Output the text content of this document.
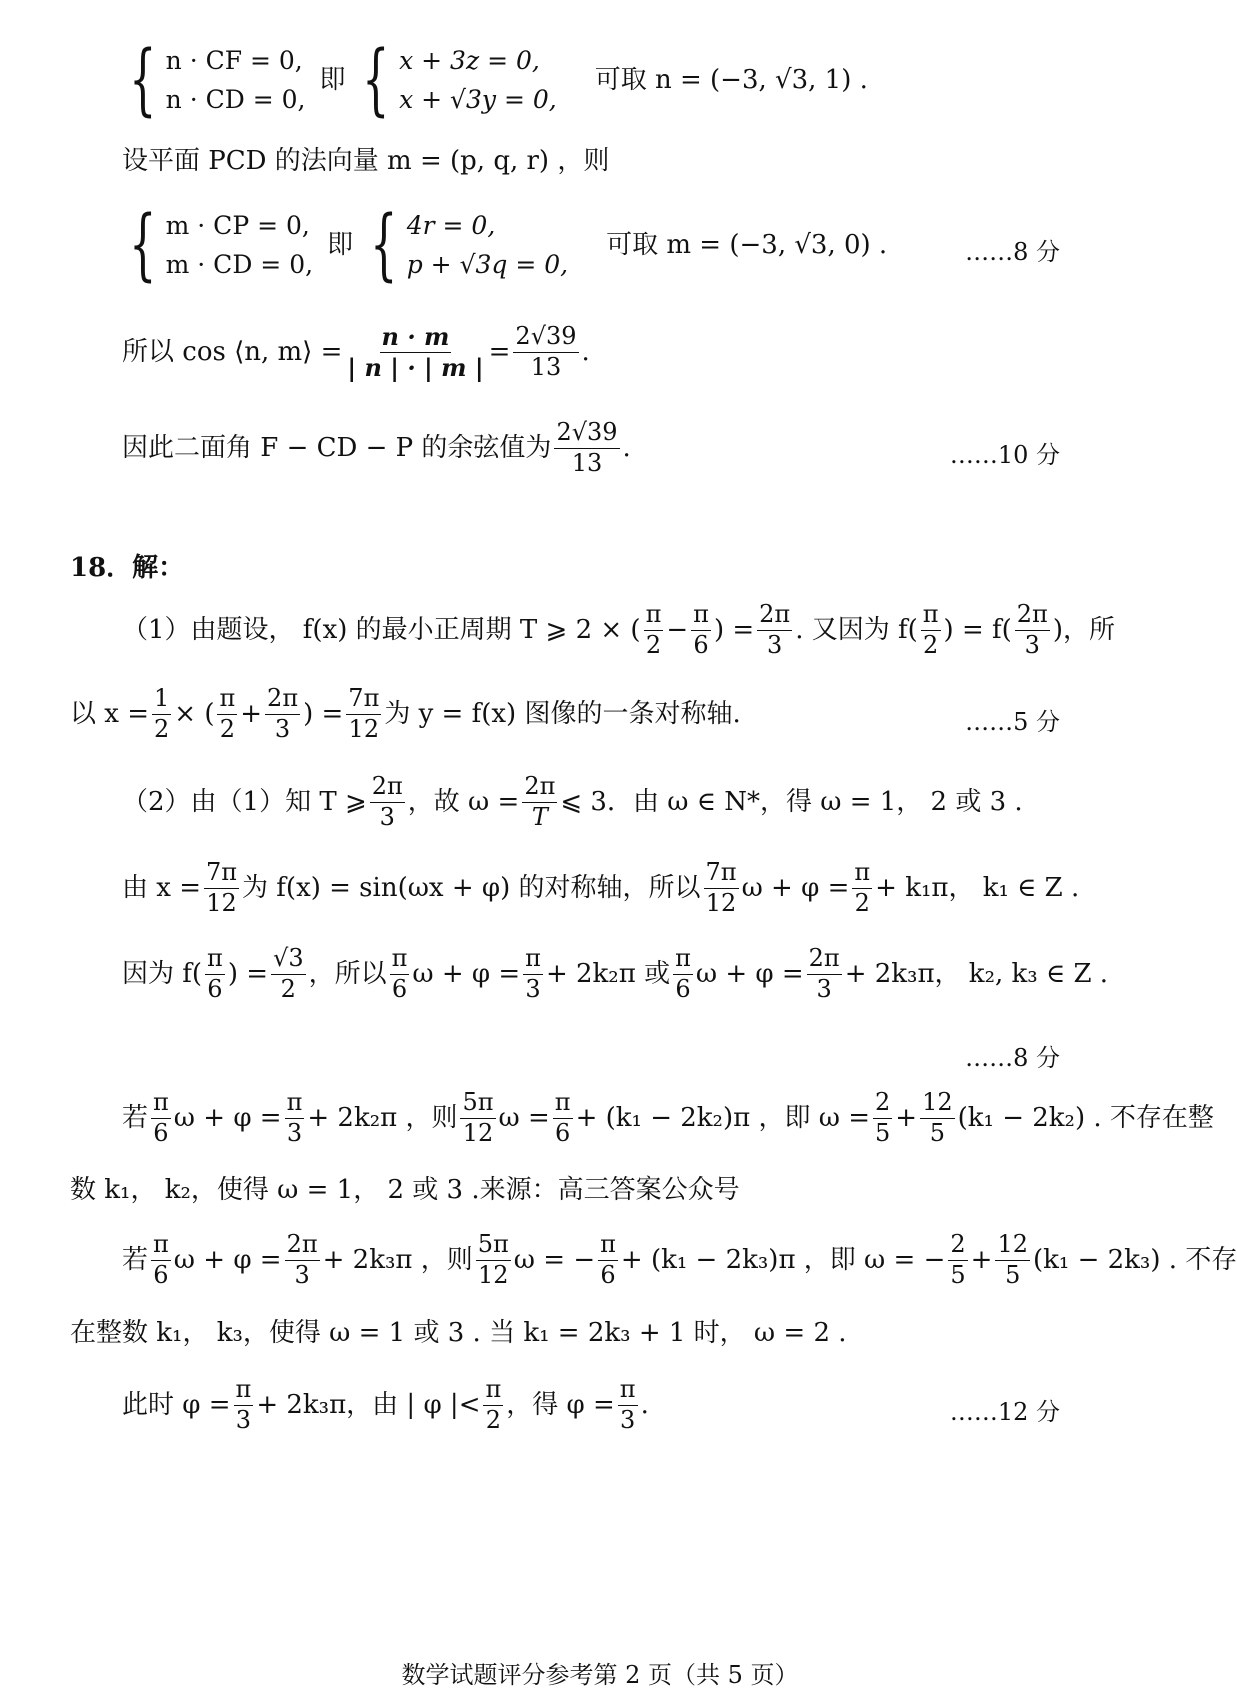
{ n · CF = 0,
n · CD = 0,
即 { x + 3z = 0,
x + √3y = 0,
可取 n = (−3, √3, 1) .
设平面 PCD 的法向量 m = (p, q, r) ，则
{ m · CP = 0,
m · CD = 0,
即 { 4r = 0,
p + √3q = 0,
可取 m = (−3, √3, 0) .	……8 分
所以 cos ⟨n, m⟩ = $\frac{n \cdot m}{| n | \cdot | m |} = \frac{2√39}{13}$ .
因此二面角 F − CD − P 的余弦值为 $\frac{2√39}{13}$ .	……10 分
18．解：
（1）由题设， f(x) 的最小正周期 T ⩾ 2 × ( $\frac{\pi}{2} - \frac{\pi}{6}$ ) = $\frac{2\pi}{3}$ . 又因为 $f( \frac{\pi}{2}$ ) = $f( \frac{2\pi}{3}$ )，所
以 $x = \frac{1}{2}$ × ( $\frac{\pi}{2} + \frac{2\pi}{3}$ ) = $\frac{7\pi}{12}$ 为 y = f(x) 图像的一条对称轴.	……5 分
（2）由（1）知 T ⩾ $\frac{2\pi}{3}$ ，故 $\omega = \frac{2\pi}{T}$ ⩽ 3．由 ω ∈ N*，得 ω = 1， 2 或 3 .
由 $x = \frac{7\pi}{12}$ 为 f(x) = sin(ωx + φ) 的对称轴，所以 $\frac{7\pi}{12}$ $\omega + \varphi = \frac{\pi}{2} + k_1\pi$， k₁ ∈ Z .
因为 $f( \frac{\pi}{6}$ ) = $\frac{√3}{2}$ ，所以 $\frac{\pi}{6}$ $\omega + \varphi = \frac{\pi}{3} + 2k_2\pi$ 或 $\frac{\pi}{6}$ $\omega + \varphi = \frac{2\pi}{3} + 2k_3\pi$， k₂, k₃ ∈ Z .
……8 分
若 $\frac{\pi}{6}$ $\omega + \varphi = \frac{\pi}{3} + 2k_2\pi$ ，则 $\frac{5\pi}{12}$ $\omega = \frac{\pi}{6} + (k_1 - 2k_2)\pi$ ，即 $\omega = \frac{2}{5} + \frac{12}{5} (k_1 - 2k_2)$ . 不存在整
数 k₁， k₂，使得 ω = 1， 2 或 3 .来源：高三答案公众号
若 $\frac{\pi}{6}$ $\omega + \varphi = \frac{2\pi}{3} + 2k_3\pi$ ，则 $\frac{5\pi}{12}$ ω = − $\frac{\pi}{6} + (k_1 - 2k_3)\pi$ ，即 ω = − $\frac{2}{5} + \frac{12}{5} (k_1 - 2k_3)$ . 不存
在整数 k₁， k₃，使得 ω = 1 或 3 . 当 k₁ = 2k₃ + 1 时， ω = 2 .
此时 $\varphi = \frac{\pi}{3} + 2k_3\pi$，由 | φ |< $\frac{\pi}{2}$ ，得 $\varphi = \frac{\pi}{3}$ .	……12 分
数学试题评分参考第 2 页（共 5 页）
